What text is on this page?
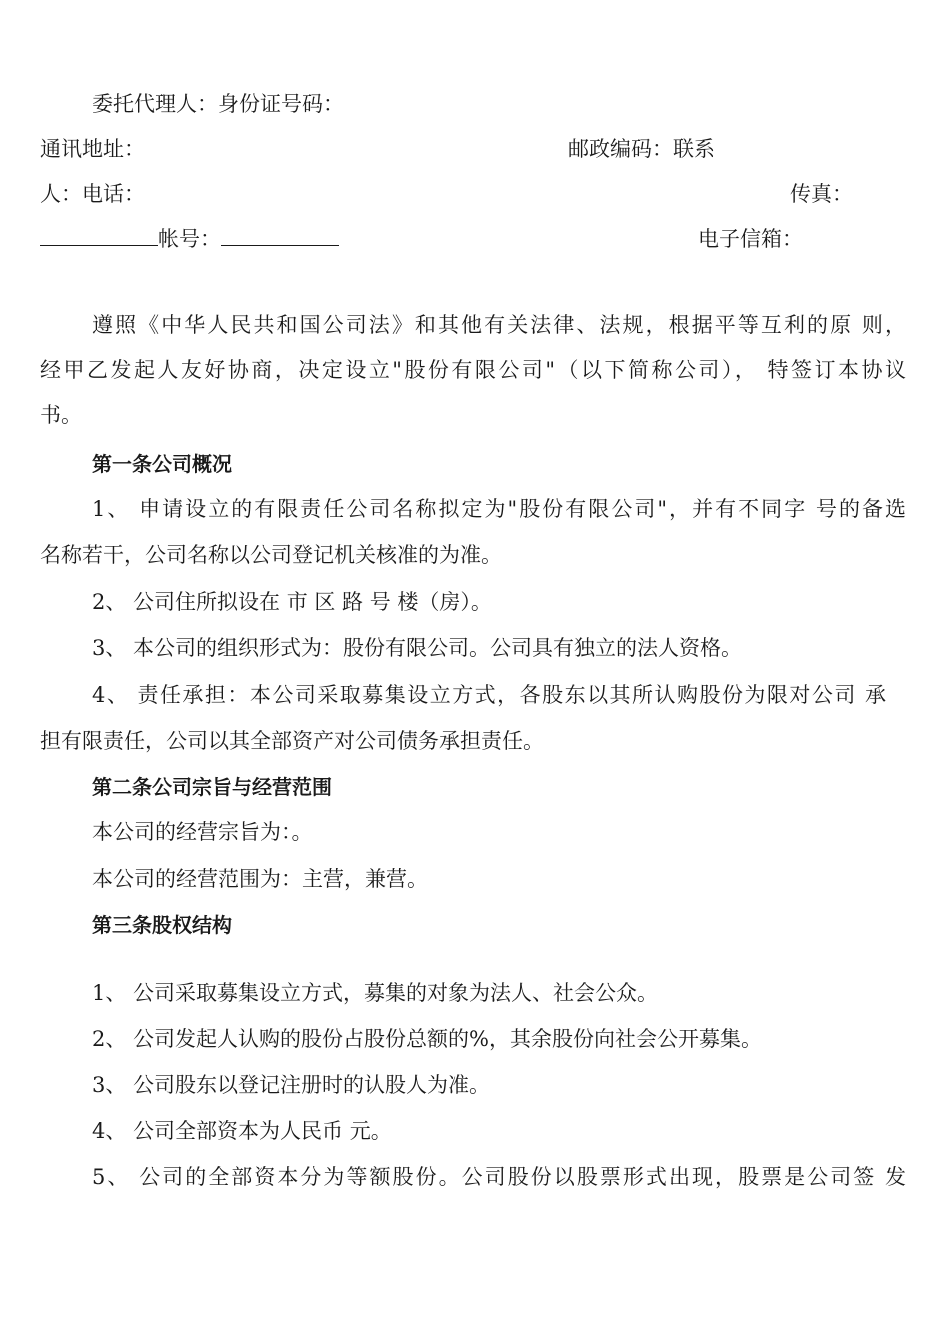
委托代理人：身份证号码：
通讯地址：	邮政编码：联系
人：电话：	传真：
帐号：	电子信箱：
遵照《中华人民共和国公司法》和其他有关法律、法规，根据平等互利的原 则，
经甲乙发起人友好协商，决定设立"股份有限公司"（以下简称公司）， 特签订本协议
书。
第一条公司概况
1、 申请设立的有限责任公司名称拟定为"股份有限公司"，并有不同字 号的备选
名称若干，公司名称以公司登记机关核准的为准。
2、 公司住所拟设在 市 区 路 号 楼（房）。
3、 本公司的组织形式为：股份有限公司。公司具有独立的法人资格。
4、 责任承担：本公司采取募集设立方式，各股东以其所认购股份为限对公司 承
担有限责任，公司以其全部资产对公司债务承担责任。
第二条公司宗旨与经营范围
本公司的经营宗旨为：。
本公司的经营范围为：主营，兼营。
第三条股权结构
1、 公司采取募集设立方式，募集的对象为法人、社会公众。
2、 公司发起人认购的股份占股份总额的%，其余股份向社会公开募集。
3、 公司股东以登记注册时的认股人为准。
4、 公司全部资本为人民币 元。
5、 公司的全部资本分为等额股份。公司股份以股票形式出现，股票是公司签 发
